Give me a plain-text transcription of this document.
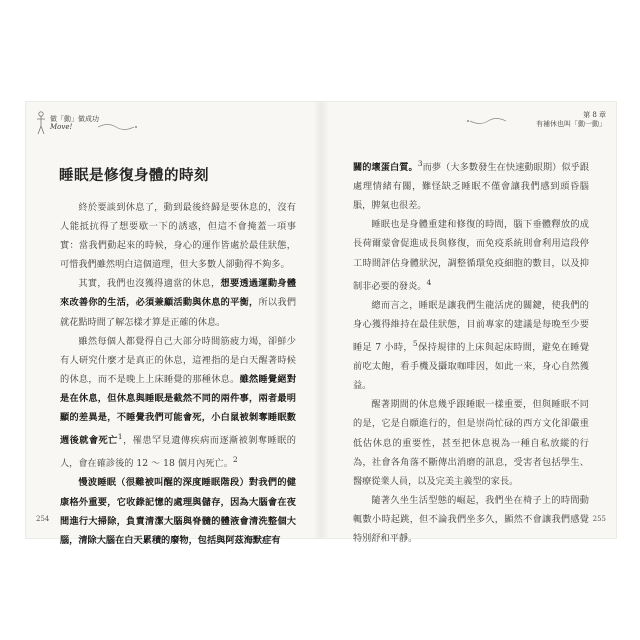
做「動」做成功
Move!
睡眠是修復身體的時刻

終於要談到休息了，動到最後終歸是要休息的，沒有人能抵抗得了想要歇一下的誘惑，但這不會掩蓋一項事實：當我們動起來的時候，身心的運作皆處於最佳狀態，可惜我們雖然明白這個道理，但大多數人卻動得不夠多。

其實，我們也沒獲得適當的休息，想要透過運動身體來改善你的生活，必須兼顧活動與休息的平衡，所以我們就花點時間了解怎樣才算是正確的休息。

雖然每個人都覺得自己大部分時間筋疲力竭，卻鮮少有人研究什麼才是真正的休息，這裡指的是白天醒著時候的休息，而不是晚上上床睡覺的那種休息。雖然睡覺絕對是在休息，但休息與睡眠是截然不同的兩件事，兩者最明顯的差異是，不睡覺我們可能會死，小白鼠被剝奪睡眠數週後就會死亡$^1$，罹患罕見遺傳疾病而逐漸被剝奪睡眠的人，會在確診後的 12 ～ 18 個月內死亡。$^2$

慢波睡眠（很難被叫醒的深度睡眠階段）對我們的健康格外重要，它收錄記憶的處理與儲存，因為大腦會在夜間進行大掃除，負責清潔大腦與脊髓的體液會清洗整個大腦，清除大腦在白天累積的廢物，包括與阿茲海默症有

254
第 8 章
有補休也叫「動一動」

關的壞蛋白質。$^3$而夢（大多數發生在快速動眼期）似乎跟處理情緒有關，難怪缺乏睡眠不僅會讓我們感到頭昏腦脹，脾氣也很差。

睡眠也是身體重建和修復的時間，腦下垂體釋放的成長荷爾蒙會促進成長與修復，而免疫系統則會利用這段停工時間評估身體狀況，調整循環免疫細胞的數目，以及抑制非必要的發炎。$^4$

總而言之，睡眠是讓我們生龍活虎的關鍵，使我們的身心獲得維持在最佳狀態，目前專家的建議是每晚至少要睡足 7 小時，$^5$保持規律的上床與起床時間，避免在睡覺前吃太飽，看手機及攝取咖啡因，如此一來，身心自然獲益。

醒著期間的休息幾乎跟睡眠一樣重要，但與睡眠不同的是，它是自願進行的，但是崇尚忙碌的西方文化卻嚴重低估休息的重要性，甚至把休息視為一種自私放縱的行為，社會各角落不斷傳出消磨的訊息，受害者包括學生、醫療從業人員，以及完美主義型的家長。

隨著久坐生活型態的崛起，我們坐在椅子上的時間動輒數小時起跳，但不論我們坐多久，顯然不會讓我們感覺特別舒和平靜。

255
